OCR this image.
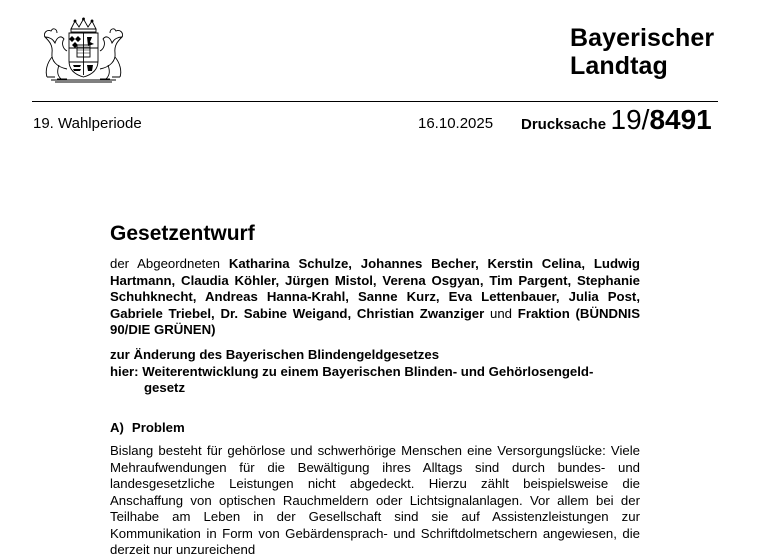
Bayerischer
Landtag
19. Wahlperiode	16.10.2025 Drucksache 19/8491
Gesetzentwurf
der Abgeordneten Katharina Schulze, Johannes Becher, Kerstin Celina, Ludwig Hartmann, Claudia Köhler, Jürgen Mistol, Verena Osgyan, Tim Pargent, Stephanie Schuhknecht, Andreas Hanna-Krahl, Sanne Kurz, Eva Lettenbauer, Julia Post, Gabriele Triebel, Dr. Sabine Weigand, Christian Zwanziger und Fraktion (BÜNDNIS 90/DIE GRÜNEN)
zur Änderung des Bayerischen Blindengeldgesetzes
hier: Weiterentwicklung zu einem Bayerischen Blinden- und Gehörlosengeld-
gesetz
A) Problem

Bislang besteht für gehörlose und schwerhörige Menschen eine Versorgungslücke: Viele Mehraufwendungen für die Bewältigung ihres Alltags sind durch bundes- und landesgesetzliche Leistungen nicht abgedeckt. Hierzu zählt beispielsweise die Anschaffung von optischen Rauchmeldern oder Lichtsignalanlagen. Vor allem bei der Teilhabe am Leben in der Gesellschaft sind sie auf Assistenzleistungen zur Kommunikation in Form von Gebärdensprach- und Schriftdolmetschern angewiesen, die derzeit nur unzureichend
